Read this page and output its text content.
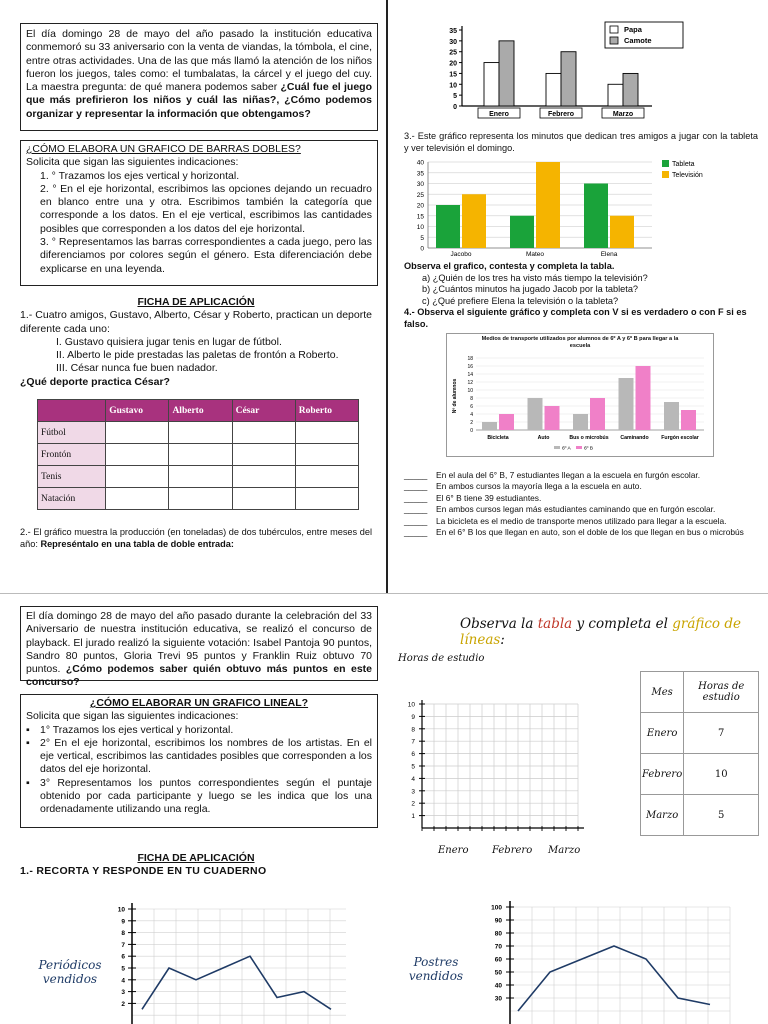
El día domingo 28 de mayo del año pasado la institución educativa conmemoró su 33 aniversario con la venta de viandas, la tómbola, el cine, entre otras actividades. Una de las que más llamó la atención de los niños fueron los juegos, tales como: el tumbalatas, la cárcel y el juego del cuy. La maestra pregunta: de qué manera podemos saber ¿Cuál fue el juego que más prefirieron los niños y cuál las niñas?, ¿Cómo podemos organizar y representar la información que obtengamos?
¿CÓMO ELABORA UN GRAFICO DE BARRAS DOBLES?
Solicita que sigan las siguientes indicaciones:
1. ° Trazamos los ejes vertical y horizontal.
2. ° En el eje horizontal, escribimos las opciones dejando un recuadro en blanco entre una y otra. Escribimos también la categoría que corresponde a los datos. En el eje vertical, escribimos las cantidades posibles que corresponden a los datos del eje horizontal.
3. ° Representamos las barras correspondientes a cada juego, pero las diferenciamos por colores según el género. Esta diferenciación debe explicarse en una leyenda.
FICHA DE APLICACIÓN
1.- Cuatro amigos, Gustavo, Alberto, César y Roberto, practican un deporte diferente cada uno:
I. Gustavo quisiera jugar tenis en lugar de fútbol.
II. Alberto le pide prestadas las paletas de frontón a Roberto.
III. César nunca fue buen nadador.
¿Qué deporte practica César?
	Gustavo	Alberto	César	Roberto
Fútbol				
Frontón				
Tenis				
Natación				
2.- El gráfico muestra la producción (en toneladas) de dos tubérculos, entre meses del año: Represéntalo en una tabla de doble entrada:
0
5
10
15
20
25
30
35
Enero	Febrero	Marzo
Papa
Camote
3.- Este gráfico representa los minutos que dedican tres amigos a jugar con la tableta y ver televisión el domingo.
0
5
10
15
20
25
30
35
40
Jacobo	Mateo	Elena
Tableta
Televisión
Observa el grafico, contesta y completa la tabla.
a) ¿Quién de los tres ha visto más tiempo la televisión?
b) ¿Cuántos minutos ha jugado Jacob por la tableta?
c) ¿Qué prefiere Elena la televisión o la tableta?
4.- Observa el siguiente gráfico y completa con V si es verdadero o con F si es falso.
Medios de transporte utilizados por alumnos de 6º A y 6º B para llegar a la escuela
0
2
4
6
8
10
12
14
16
18
Nº de alumnos
Bicicleta	Auto	Bus o microbús Caminando Furgón escolar
6º A	6º B
_____	En el aula del 6° B, 7 estudiantes llegan a la escuela en furgón escolar.
_____	En ambos cursos la mayoría llega a la escuela en auto.
_____	El 6° B tiene 39 estudiantes.
_____	En ambos cursos legan más estudiantes caminando que en furgón escolar.
_____	La bicicleta es el medio de transporte menos utilizado para llegar a la escuela.
_____	En el 6° B los que llegan en auto, son el doble de los que llegan en bus o microbús
El día domingo 28 de mayo del año pasado durante la celebración del 33 Aniversario de nuestra institución educativa, se realizó el concurso de playback. El jurado realizó la siguiente votación: Isabel Pantoja 90 puntos, Sandro 80 puntos, Gloria Trevi 95 puntos y Franklin Ruiz obtuvo 70 puntos. ¿Cómo podemos saber quién obtuvo más puntos en este concurso?
¿CÓMO ELABORAR UN GRAFICO LINEAL?
Solicita que sigan las siguientes indicaciones:
▪ 1° Trazamos los ejes vertical y horizontal.
▪ 2° En el eje horizontal, escribimos los nombres de los artistas. En el eje vertical, escribimos las cantidades posibles que corresponden a los datos del eje horizontal.
▪ 3° Representamos los puntos correspondientes según el puntaje obtenido por cada participante y luego se les indica que los una ordenadamente utilizando una regla.
FICHA DE APLICACIÓN
1.- RECORTA Y RESPONDE EN TU CUADERNO
Periódicos
vendidos
2
3
4
5
6
7
8
9
10
Observa la tabla y completa el gráfico de líneas:
Horas de estudio
1
2
3
4
5
6
7
8
9
10
Enero Febrero Marzo
Mes	Horas de estudio
Enero	7
Febrero	10
Marzo	5
Postres
vendidos
30
40
50
60
70
80
90
100
